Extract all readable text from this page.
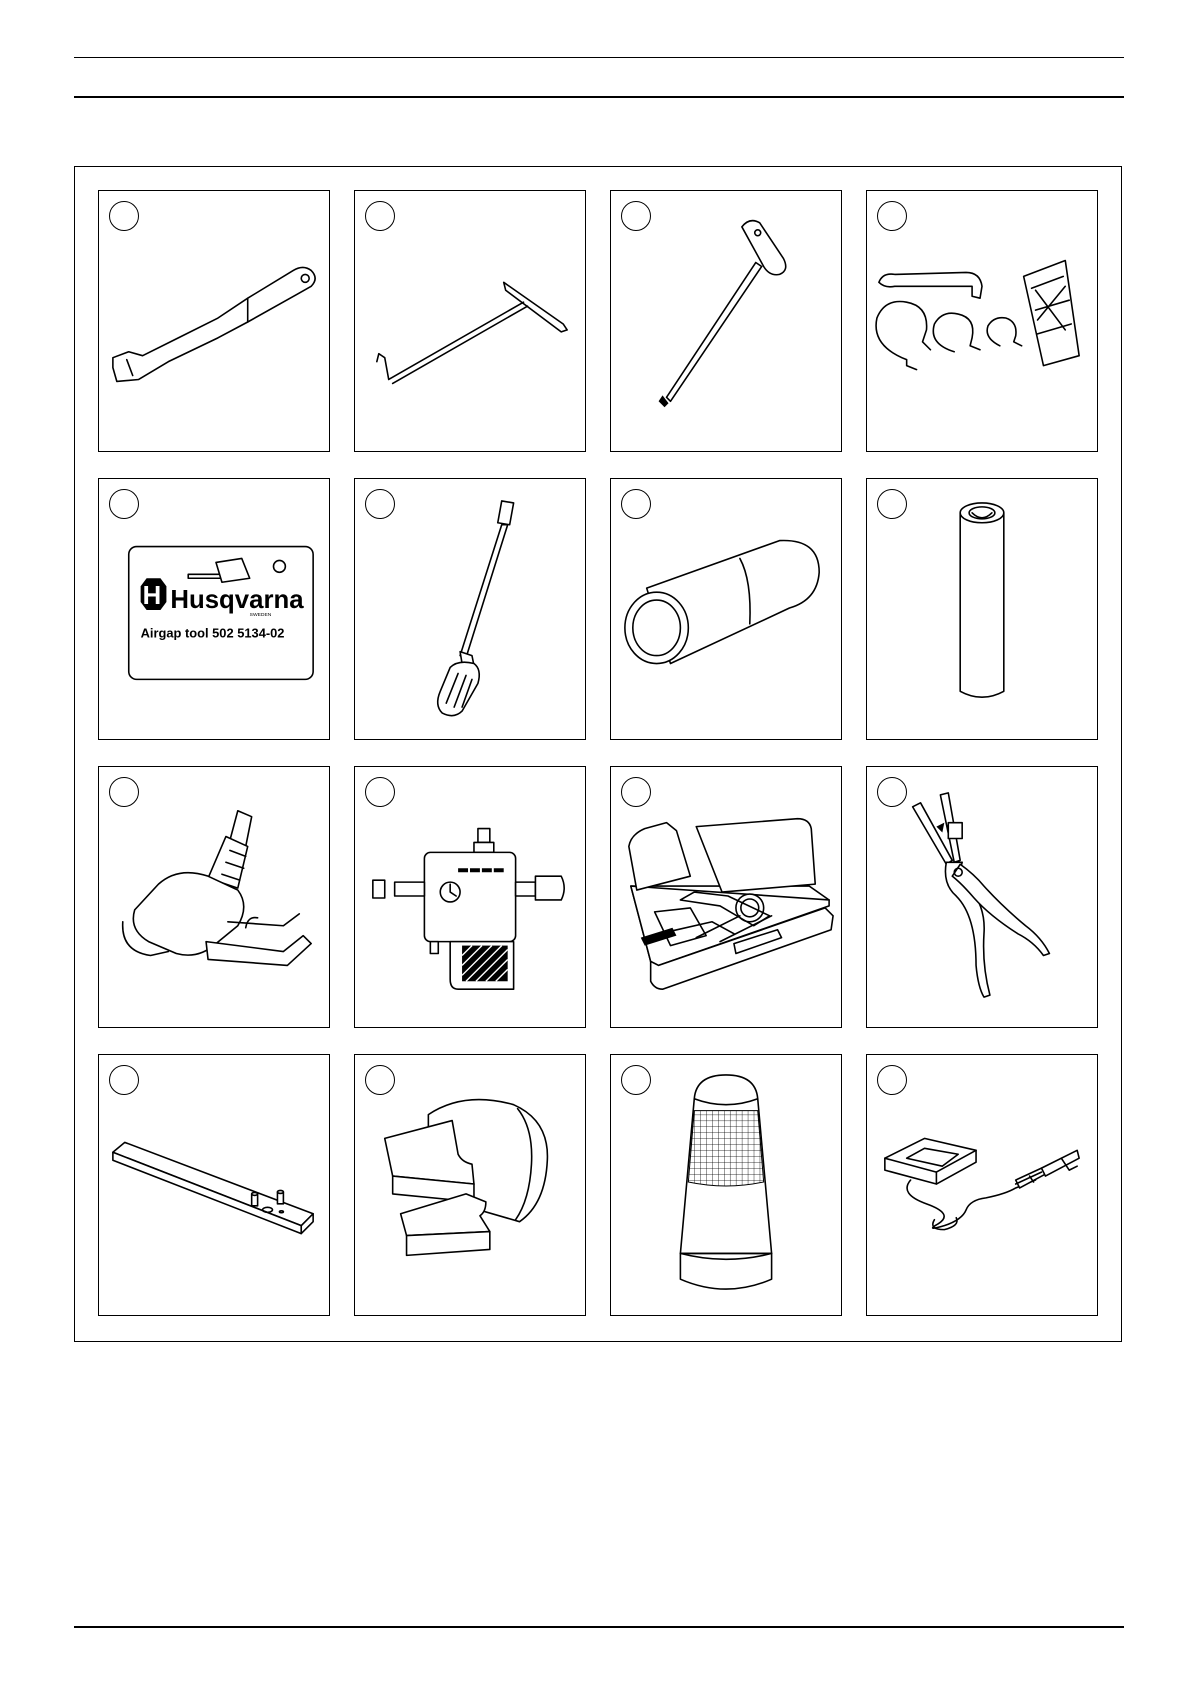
H Husqvarna
SWEDEN
Airgap tool 502 5134-02
